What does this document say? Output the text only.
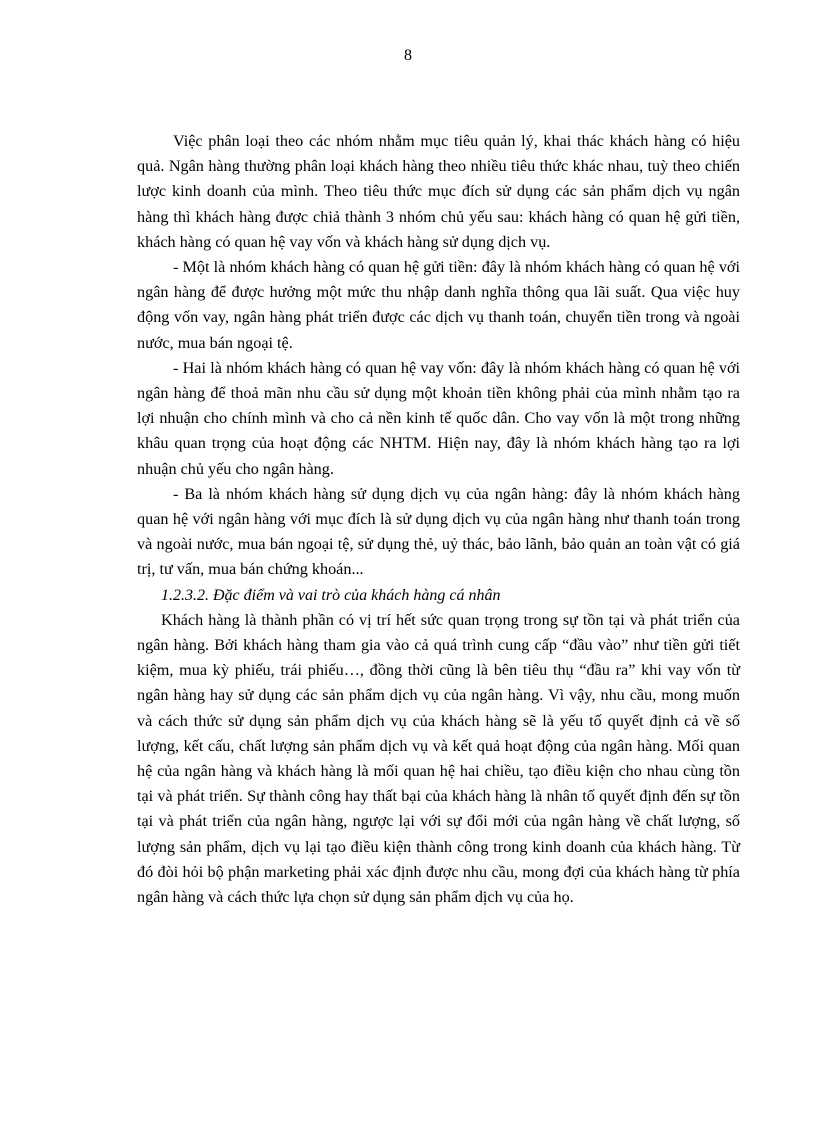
8

Việc phân loại theo các nhóm nhằm mục tiêu quản lý, khai thác khách hàng có hiệu quả. Ngân hàng thường phân loại khách hàng theo nhiều tiêu thức khác nhau, tuỳ theo chiến lược kinh doanh của mình. Theo tiêu thức mục đích sử dụng các sản phẩm dịch vụ ngân hàng thì khách hàng được chiả thành 3 nhóm chủ yếu sau: khách hàng có quan hệ gửi tiền, khách hàng có quan hệ vay vốn và khách hàng sử dụng dịch vụ.

- Một là nhóm khách hàng có quan hệ gửi tiền: đây là nhóm khách hàng có quan hệ với ngân hàng để được hưởng một mức thu nhập danh nghĩa thông qua lãi suất. Qua việc huy động vốn vay, ngân hàng phát triển được các dịch vụ thanh toán, chuyển tiền trong và ngoài nước, mua bán ngoại tệ.

- Hai là nhóm khách hàng có quan hệ vay vốn: đây là nhóm khách hàng có quan hệ với ngân hàng để thoả mãn nhu cầu sử dụng một khoản tiền không phải của mình nhằm tạo ra lợi nhuận cho chính mình và cho cả nền kinh tế quốc dân. Cho vay vốn là một trong những khâu quan trọng của hoạt động các NHTM. Hiện nay, đây là nhóm khách hàng tạo ra lợi nhuận chủ yếu cho ngân hàng.

- Ba là nhóm khách hàng sử dụng dịch vụ của ngân hàng: đây là nhóm khách hàng quan hệ với ngân hàng với mục đích là sử dụng dịch vụ của ngân hàng như thanh toán trong và ngoài nước, mua bán ngoại tệ, sử dụng thẻ, uỷ thác, bảo lãnh, bảo quản an toàn vật có giá trị, tư vấn, mua bán chứng khoán...

1.2.3.2. Đặc điểm và vai trò của khách hàng cá nhân

Khách hàng là thành phần có vị trí hết sức quan trọng trong sự tồn tại và phát triển của ngân hàng. Bởi khách hàng tham gia vào cả quá trình cung cấp “đầu vào” như tiền gửi tiết kiệm, mua kỳ phiếu, trái phiếu…, đồng thời cũng là bên tiêu thụ “đầu ra” khi vay vốn từ ngân hàng hay sử dụng các sản phẩm dịch vụ của ngân hàng. Vì vậy, nhu cầu, mong muốn và cách thức sử dụng sản phẩm dịch vụ của khách hàng sẽ là yếu tố quyết định cả về số lượng, kết cấu, chất lượng sản phẩm dịch vụ và kết quả hoạt động của ngân hàng. Mối quan hệ của ngân hàng và khách hàng là mối quan hệ hai chiều, tạo điều kiện cho nhau cùng tồn tại và phát triển. Sự thành công hay thất bại của khách hàng là nhân tố quyết định đến sự tồn tại và phát triển của ngân hàng, ngược lại với sự đổi mới của ngân hàng về chất lượng, số lượng sản phẩm, dịch vụ lại tạo điều kiện thành công trong kinh doanh của khách hàng. Từ đó đòi hỏi bộ phận marketing phải xác định được nhu cầu, mong đợi của khách hàng từ phía ngân hàng và cách thức lựa chọn sử dụng sản phẩm dịch vụ của họ.
